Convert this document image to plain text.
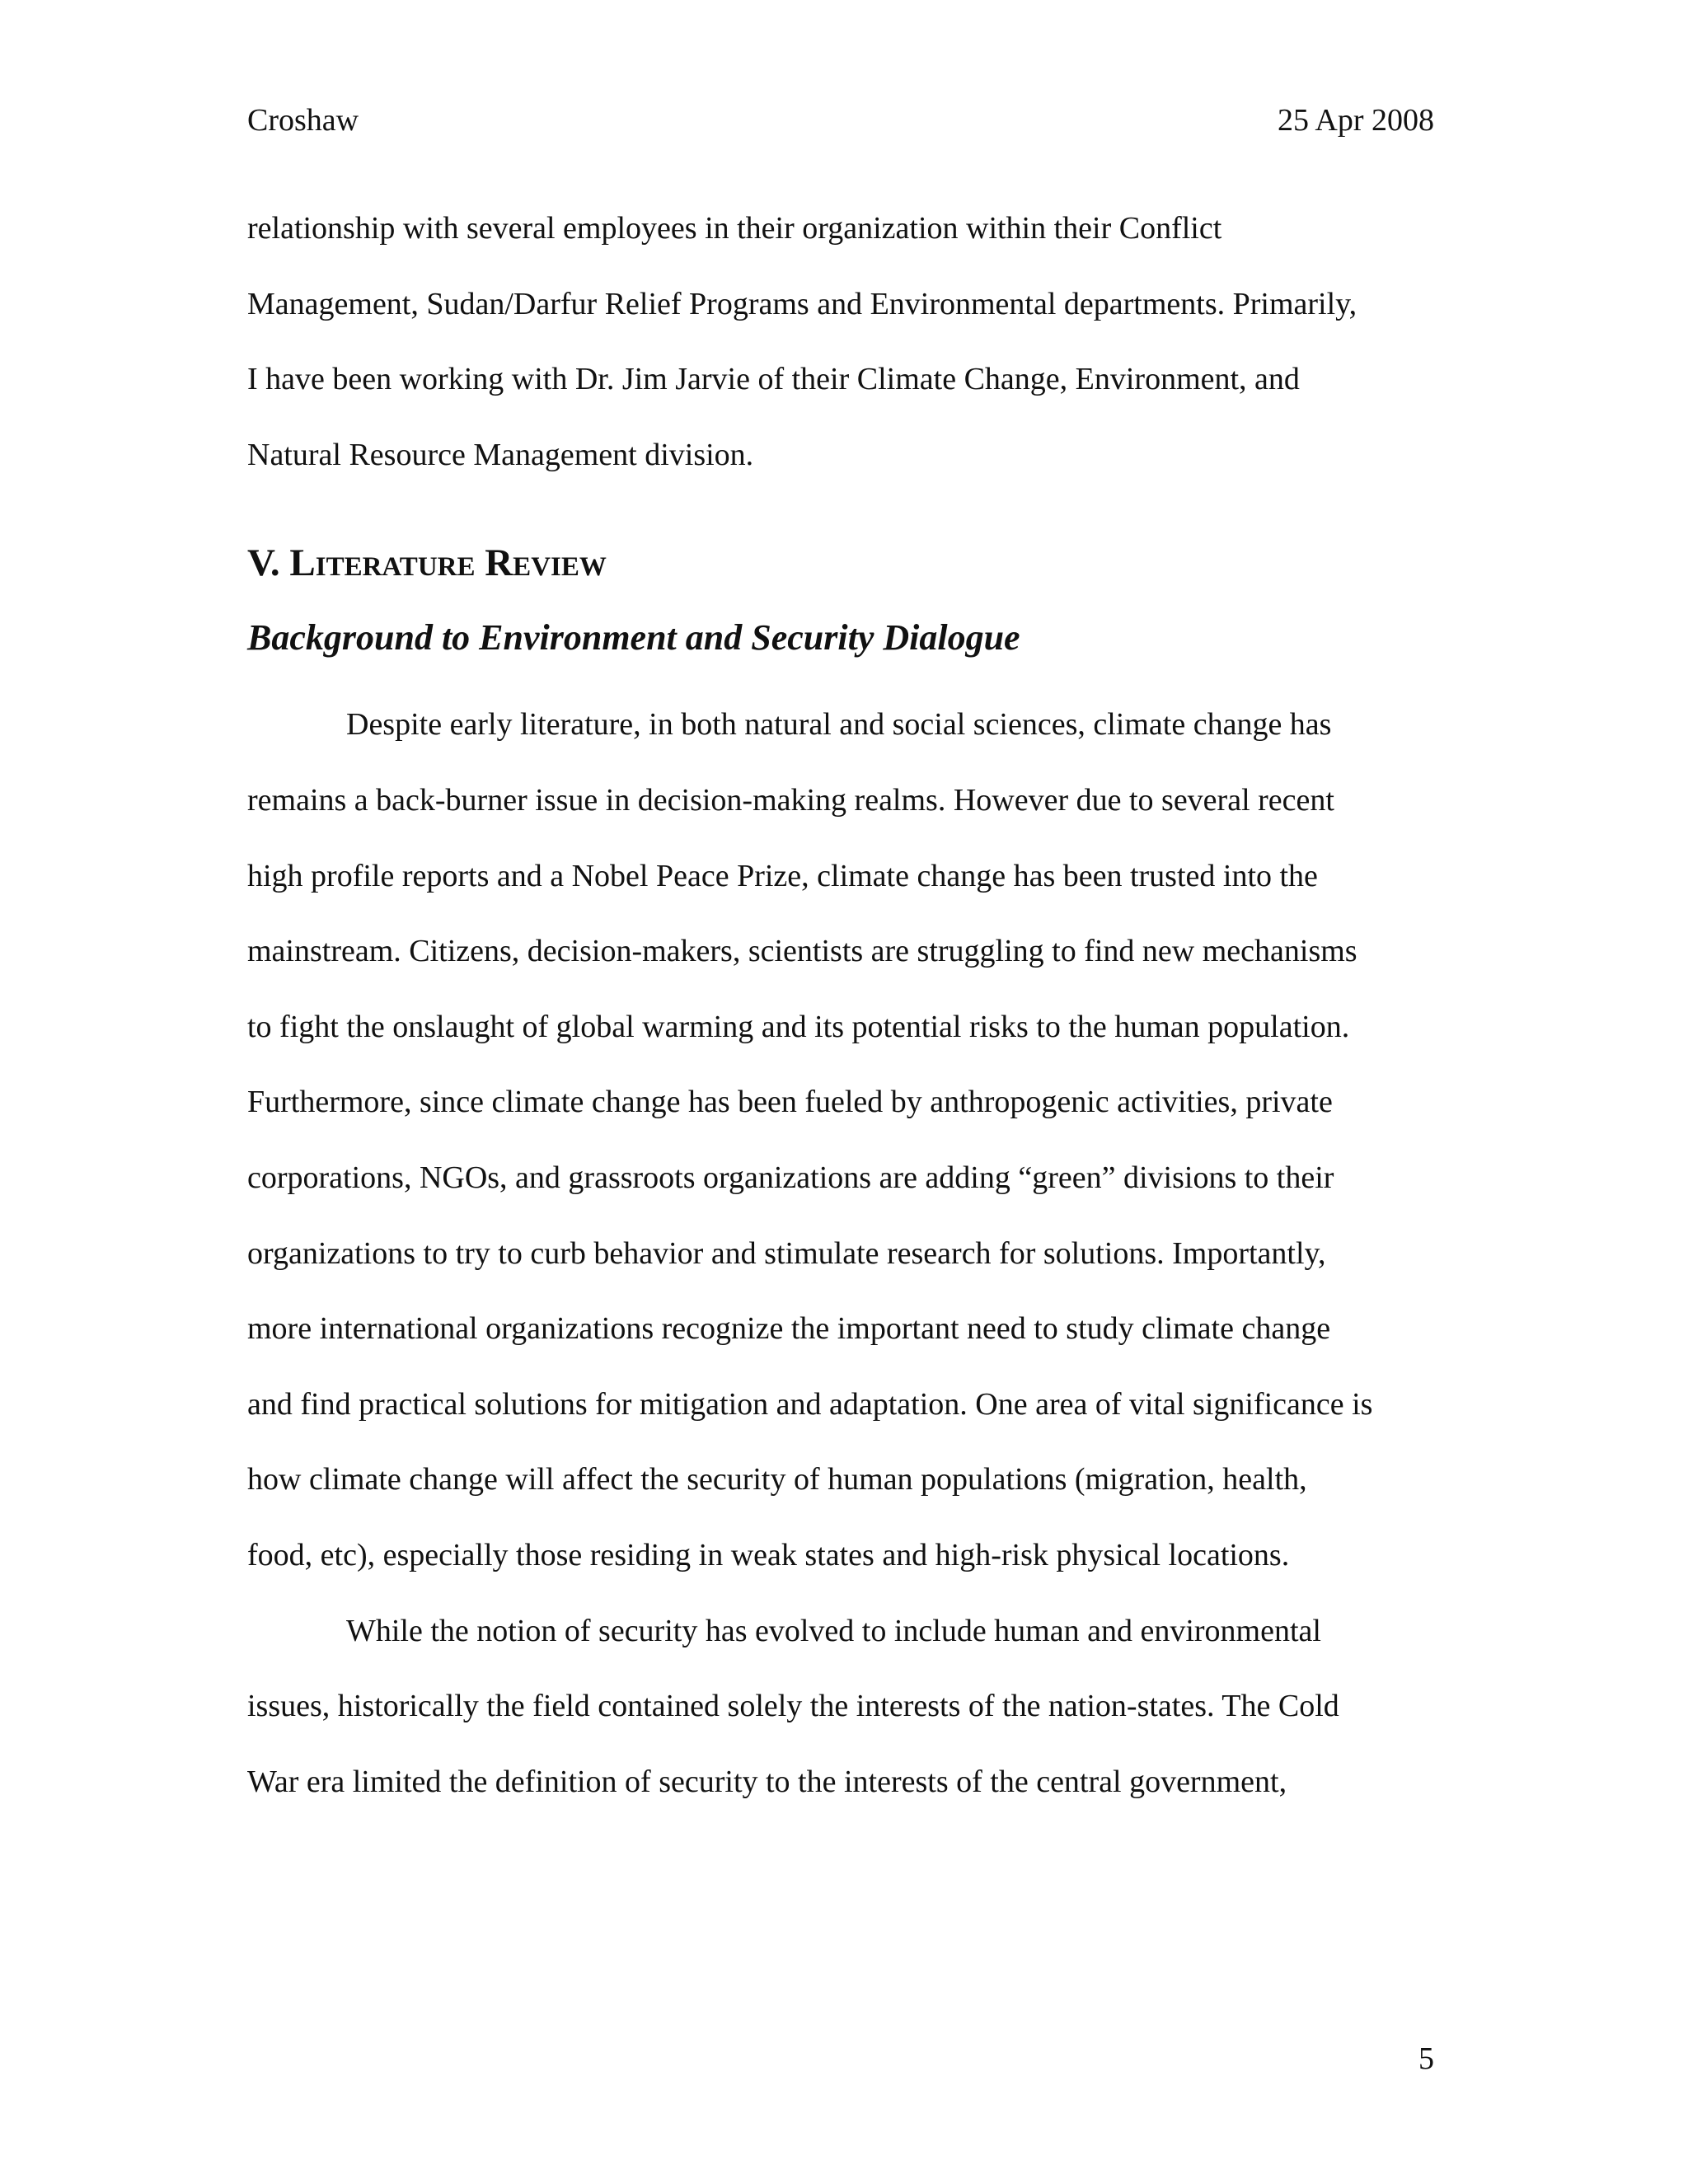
Croshaw	25 Apr 2008

relationship with several employees in their organization within their Conflict
Management, Sudan/Darfur Relief Programs and Environmental departments. Primarily,
I have been working with Dr. Jim Jarvie of their Climate Change, Environment, and
Natural Resource Management division.

V. Literature Review
Background to Environment and Security Dialogue

Despite early literature, in both natural and social sciences, climate change has
remains a back-burner issue in decision-making realms. However due to several recent
high profile reports and a Nobel Peace Prize, climate change has been trusted into the
mainstream. Citizens, decision-makers, scientists are struggling to find new mechanisms
to fight the onslaught of global warming and its potential risks to the human population.
Furthermore, since climate change has been fueled by anthropogenic activities, private
corporations, NGOs, and grassroots organizations are adding “green” divisions to their
organizations to try to curb behavior and stimulate research for solutions. Importantly,
more international organizations recognize the important need to study climate change
and find practical solutions for mitigation and adaptation. One area of vital significance is
how climate change will affect the security of human populations (migration, health,
food, etc), especially those residing in weak states and high-risk physical locations.

While the notion of security has evolved to include human and environmental
issues, historically the field contained solely the interests of the nation-states. The Cold
War era limited the definition of security to the interests of the central government,

5
